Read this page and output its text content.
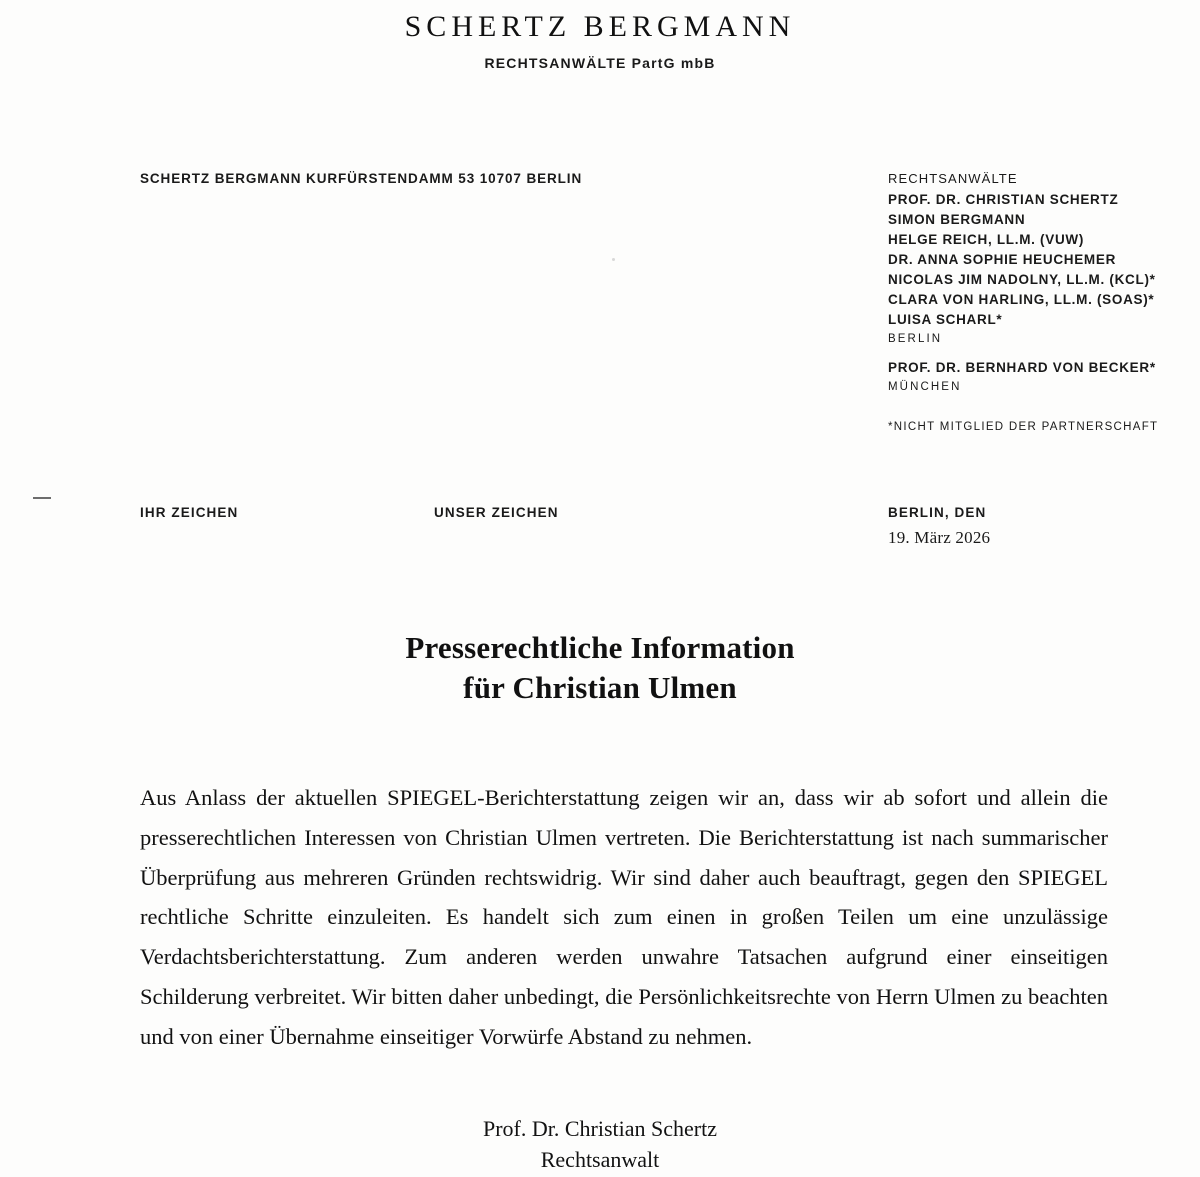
SCHERTZ BERGMANN
RECHTSANWÄLTE PartG mbB
SCHERTZ BERGMANN KURFÜRSTENDAMM 53 10707 BERLIN	RECHTSANWÄLTE
PROF. DR. CHRISTIAN SCHERTZ
SIMON BERGMANN
HELGE REICH, LL.M. (VUW)
DR. ANNA SOPHIE HEUCHEMER
NICOLAS JIM NADOLNY, LL.M. (KCL)*
CLARA VON HARLING, LL.M. (SOAS)*
LUISA SCHARL*
BERLIN
PROF. DR. BERNHARD VON BECKER*
MÜNCHEN
*NICHT MITGLIED DER PARTNERSCHAFT
IHR ZEICHEN	UNSER ZEICHEN	BERLIN, DEN
19. März 2026
Presserechtliche Information
für Christian Ulmen
Aus Anlass der aktuellen SPIEGEL-Berichterstattung zeigen wir an, dass wir ab sofort und allein die presserechtlichen Interessen von Christian Ulmen vertreten. Die Berichterstattung ist nach summarischer Überprüfung aus mehreren Gründen rechtswidrig. Wir sind daher auch beauftragt, gegen den SPIEGEL rechtliche Schritte einzuleiten. Es handelt sich zum einen in großen Teilen um eine unzulässige Verdachtsberichterstattung. Zum anderen werden unwahre Tatsachen aufgrund einer einseitigen Schilderung verbreitet. Wir bitten daher unbedingt, die Persönlichkeitsrechte von Herrn Ulmen zu beachten und von einer Übernahme einseitiger Vorwürfe Abstand zu nehmen.
Prof. Dr. Christian Schertz
Rechtsanwalt
